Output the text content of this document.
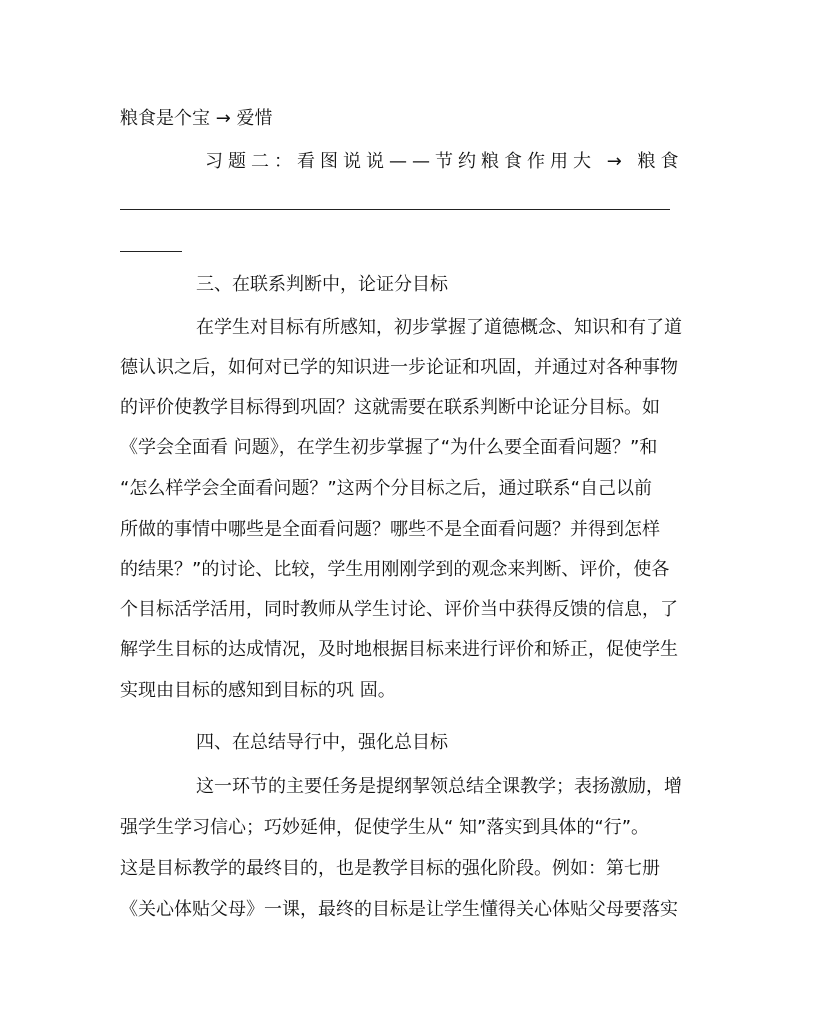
粮食是个宝 → 爱惜
习题二：看图说说——节约粮食作用大 → 粮食
三、在联系判断中，论证分目标
在学生对目标有所感知，初步掌握了道德概念、知识和有了道
德认识之后，如何对已学的知识进一步论证和巩固，并通过对各种事物
的评价使教学目标得到巩固？这就需要在联系判断中论证分目标。如
《学会全面看 问题》，在学生初步掌握了“为什么要全面看问题？”和
“怎么样学会全面看问题？”这两个分目标之后，通过联系“自己以前
所做的事情中哪些是全面看问题？哪些不是全面看问题？并得到怎样
的结果？”的讨论、比较，学生用刚刚学到的观念来判断、评价，使各
个目标活学活用，同时教师从学生讨论、评价当中获得反馈的信息，了
解学生目标的达成情况，及时地根据目标来进行评价和矫正，促使学生
实现由目标的感知到目标的巩 固。
四、在总结导行中，强化总目标
这一环节的主要任务是提纲挈领总结全课教学；表扬激励，增
强学生学习信心；巧妙延伸，促使学生从“ 知”落实到具体的“行”。
这是目标教学的最终目的，也是教学目标的强化阶段。例如：第七册
《关心体贴父母》一课，最终的目标是让学生懂得关心体贴父母要落实
